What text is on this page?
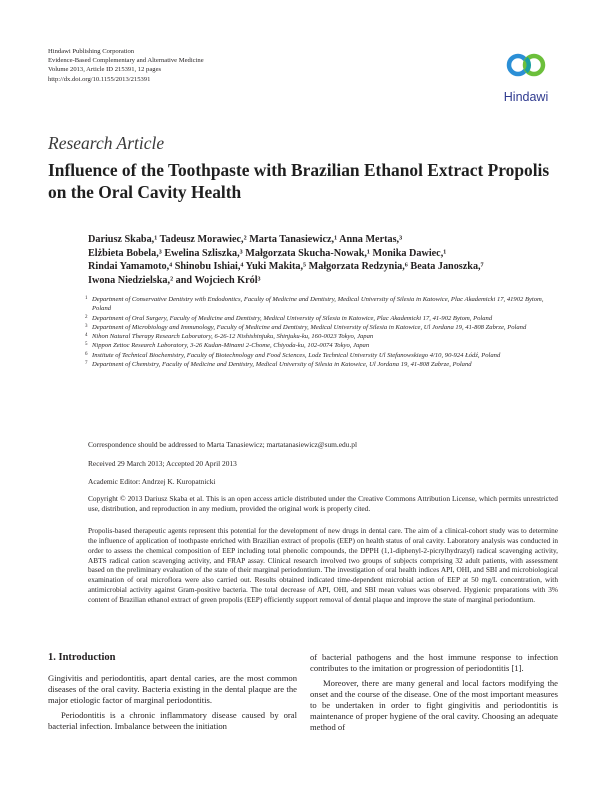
Hindawi Publishing Corporation
Evidence-Based Complementary and Alternative Medicine
Volume 2013, Article ID 215391, 12 pages
http://dx.doi.org/10.1155/2013/215391
Hindawi
Research Article
Influence of the Toothpaste with Brazilian Ethanol Extract Propolis on the Oral Cavity Health
Dariusz Skaba,¹ Tadeusz Morawiec,² Marta Tanasiewicz,¹ Anna Mertas,³
Elżbieta Bobela,³ Ewelina Szliszka,³ Małgorzata Skucha-Nowak,¹ Monika Dawiec,¹
Rindai Yamamoto,⁴ Shinobu Ishiai,⁴ Yuki Makita,⁵ Małgorzata Redzynia,⁶ Beata Janoszka,⁷
Iwona Niedzielska,² and Wojciech Król³
1 Department of Conservative Dentistry with Endodontics, Faculty of Medicine and Dentistry, Medical University of Silesia in Katowice, Plac Akademicki 17, 41902 Bytom, Poland
2 Department of Oral Surgery, Faculty of Medicine and Dentistry, Medical University of Silesia in Katowice, Plac Akademicki 17, 41-902 Bytom, Poland
3 Department of Microbiology and Immunology, Faculty of Medicine and Dentistry, Medical University of Silesia in Katowice, Ul Jordana 19, 41-808 Zabrze, Poland
4 Nihon Natural Therapy Research Laboratory, 6-26-12 Nishishinjuku, Shinjuku-ku, 160-0023 Tokyo, Japan
5 Nippon Zettoc Research Laboratory, 3-26 Kudan-Minami 2-Chome, Chiyoda-ku, 102-0074 Tokyo, Japan
6 Institute of Technical Biochemistry, Faculty of Biotechnology and Food Sciences, Lodz Technical University Ul Stefanowskiego 4/10, 90-924 Łódź, Poland
7 Department of Chemistry, Faculty of Medicine and Dentistry, Medical University of Silesia in Katowice, Ul Jordana 19, 41-808 Zabrze, Poland
Correspondence should be addressed to Marta Tanasiewicz; martatanasiewicz@sum.edu.pl
Received 29 March 2013; Accepted 20 April 2013
Academic Editor: Andrzej K. Kuropatnicki
Copyright © 2013 Dariusz Skaba et al. This is an open access article distributed under the Creative Commons Attribution License, which permits unrestricted use, distribution, and reproduction in any medium, provided the original work is properly cited.
Propolis-based therapeutic agents represent this potential for the development of new drugs in dental care. The aim of a clinical-cohort study was to determine the influence of application of toothpaste enriched with Brazilian extract of propolis (EEP) on health status of oral cavity. Laboratory analysis was conducted in order to assess the chemical composition of EEP including total phenolic compounds, the DPPH (1,1-diphenyl-2-picrylhydrazyl) radical scavenging activity, ABTS radical cation scavenging activity, and FRAP assay. Clinical research involved two groups of subjects comprising 32 adult patients, with assessment based on the preliminary evaluation of the state of their marginal periodontium. The investigation of oral health indices API, OHI, and SBI and microbiological examination of oral microflora were also carried out. Results obtained indicated time-dependent microbial action of EEP at 50 mg/L concentration, with antimicrobial activity against Gram-positive bacteria. The total decrease of API, OHI, and SBI mean values was observed. Hygienic preparations with 3% content of Brazilian ethanol extract of green propolis (EEP) efficiently support removal of dental plaque and improve the state of marginal periodontium.
1. Introduction

Gingivitis and periodontitis, apart dental caries, are the most common diseases of the oral cavity. Bacteria existing in the dental plaque are the major etiologic factor of marginal periodontitis.

Periodontitis is a chronic inflammatory disease caused by oral bacterial infection. Imbalance between the initiation

of bacterial pathogens and the host immune response to infection contributes to the imitation or progression of periodontitis [1].

Moreover, there are many general and local factors modifying the onset and the course of the disease. One of the most important measures to be undertaken in order to fight gingivitis and periodontitis is maintenance of proper hygiene of the oral cavity. Choosing an adequate method of
